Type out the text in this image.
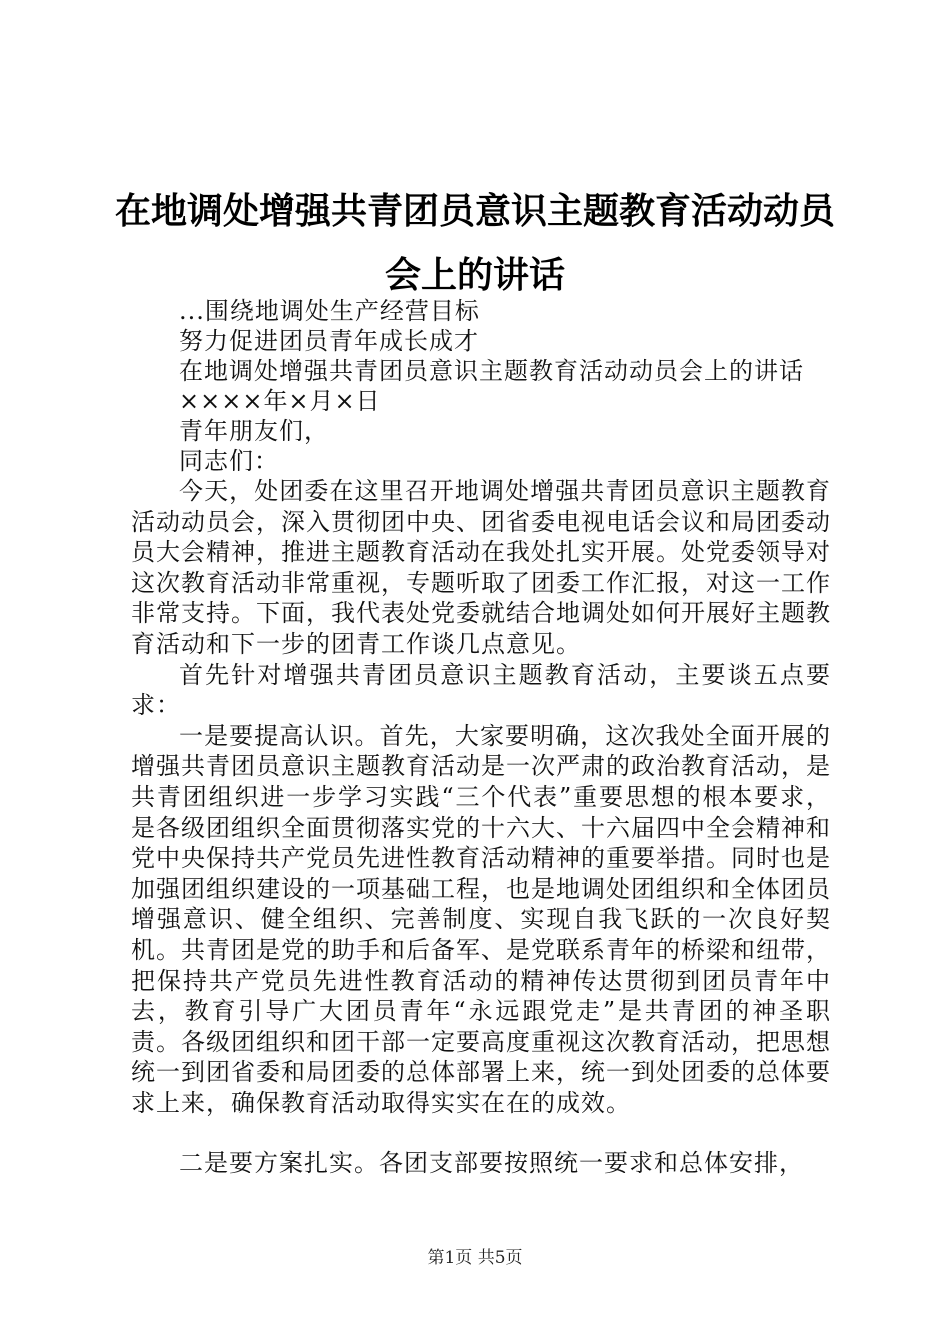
在地调处增强共青团员意识主题教育活动动员
会上的讲话
...围绕地调处生产经营目标
努力促进团员青年成长成才
在地调处增强共青团员意识主题教育活动动员会上的讲话
××××年×月×日
青年朋友们，
同志们：

今天，处团委在这里召开地调处增强共青团员意识主题教育活动动员会，深入贯彻团中央、团省委电视电话会议和局团委动员大会精神，推进主题教育活动在我处扎实开展。处党委领导对这次教育活动非常重视，专题听取了团委工作汇报，对这一工作非常支持。下面，我代表处党委就结合地调处如何开展好主题教育活动和下一步的团青工作谈几点意见。

首先针对增强共青团员意识主题教育活动，主要谈五点要求：

一是要提高认识。首先，大家要明确，这次我处全面开展的增强共青团员意识主题教育活动是一次严肃的政治教育活动，是共青团组织进一步学习实践“三个代表”重要思想的根本要求，是各级团组织全面贯彻落实党的十六大、十六届四中全会精神和党中央保持共产党员先进性教育活动精神的重要举措。同时也是加强团组织建设的一项基础工程，也是地调处团组织和全体团员增强意识、健全组织、完善制度、实现自我飞跃的一次良好契机。共青团是党的助手和后备军、是党联系青年的桥梁和纽带，把保持共产党员先进性教育活动的精神传达贯彻到团员青年中去，教育引导广大团员青年“永远跟党走”是共青团的神圣职责。各级团组织和团干部一定要高度重视这次教育活动，把思想统一到团省委和局团委的总体部署上来，统一到处团委的总体要求上来，确保教育活动取得实实在在的成效。

二是要方案扎实。各团支部要按照统一要求和总体安排，

第1页 共5页
